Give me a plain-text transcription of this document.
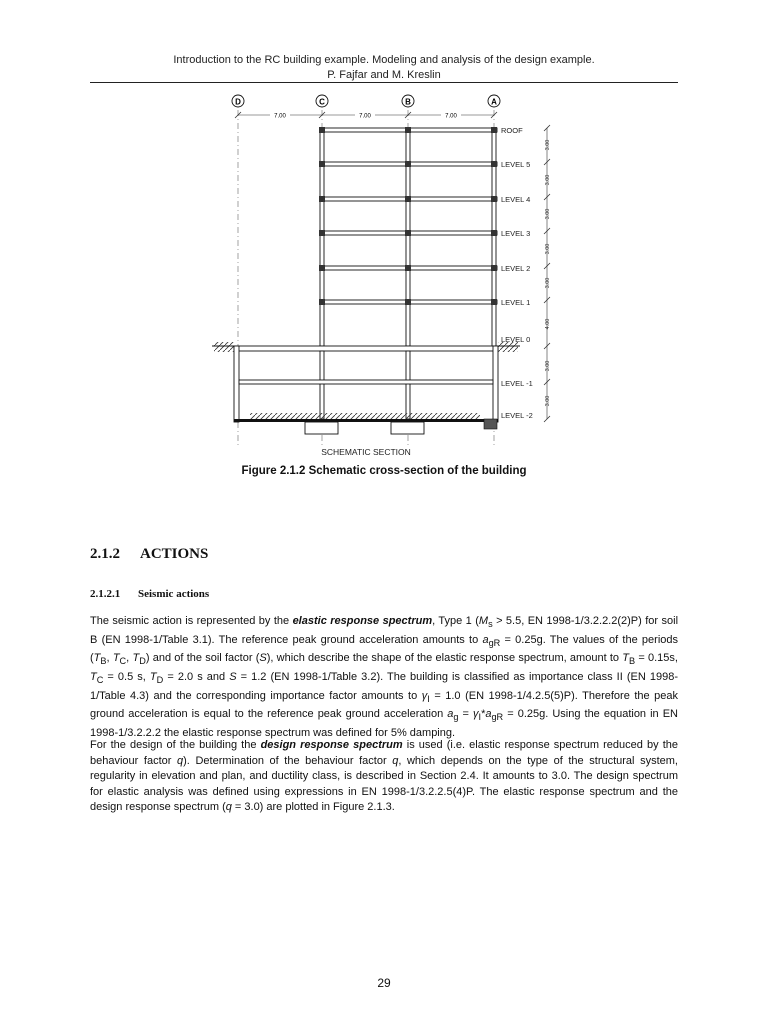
Introduction to the RC building example. Modeling and analysis of the design example.
P. Fajfar and M. Kreslin
D	C	B	A
7.00	7.00	7.00
ROOF
LEVEL 5
LEVEL 4
LEVEL 3
LEVEL 2
LEVEL 1
LEVEL 0
LEVEL -1
LEVEL -2
3.00
3.00
3.00
3.00
3.00
4.00
3.00
3.00
SCHEMATIC SECTION
Figure 2.1.2 Schematic cross-section of the building
2.1.2 ACTIONS
2.1.2.1 Seismic actions
The seismic action is represented by the elastic response spectrum, Type 1 ($M_s > 5.5$, EN 1998-1/3.2.2.2(2)P) for soil B (EN 1998-1/Table 3.1). The reference peak ground acceleration amounts to $a_{gR} = 0.25g$. The values of the periods ($T_B$, $T_C$, $T_D$) and of the soil factor (S), which describe the shape of the elastic response spectrum, amount to $T_B = 0.15s$, $T_C = 0.5$ s, $T_D = 2.0$ s and S = 1.2 (EN 1998-1/Table 3.2). The building is classified as importance class II (EN 1998-1/Table 4.3) and the corresponding importance factor amounts to $\gamma_I = 1.0$ (EN 1998-1/4.2.5(5)P). Therefore the peak ground acceleration is equal to the reference peak ground acceleration $a_g = \gamma_I*a_{gR} = 0.25g$. Using the equation in EN 1998-1/3.2.2.2 the elastic response spectrum was defined for 5% damping.
For the design of the building the design response spectrum is used (i.e. elastic response spectrum reduced by the behaviour factor q). Determination of the behaviour factor q, which depends on the type of the structural system, regularity in elevation and plan, and ductility class, is described in Section 2.4. It amounts to 3.0. The design spectrum for elastic analysis was defined using expressions in EN 1998-1/3.2.2.5(4)P. The elastic response spectrum and the design response spectrum (q = 3.0) are plotted in Figure 2.1.3.
29
